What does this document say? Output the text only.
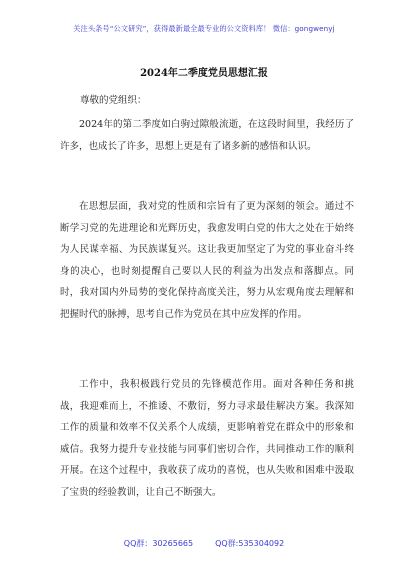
关注头条号“公文研究”，获得最新最全最专业的公文资料库！ 微信：gongwenyj
2024年二季度党员思想汇报
尊敬的党组织：

2024年的第二季度如白驹过隙般流逝，在这段时间里，我经历了许多，也成长了许多，思想上更是有了诸多新的感悟和认识。

在思想层面，我对党的性质和宗旨有了更为深刻的领会。通过不断学习党的先进理论和光辉历史，我愈发明白党的伟大之处在于始终为人民谋幸福、为民族谋复兴。这让我更加坚定了为党的事业奋斗终身的决心，也时刻提醒自己要以人民的利益为出发点和落脚点。同时，我对国内外局势的变化保持高度关注，努力从宏观角度去理解和把握时代的脉搏，思考自己作为党员在其中应发挥的作用。

工作中，我积极践行党员的先锋模范作用。面对各种任务和挑战，我迎难而上，不推诿、不敷衍，努力寻求最佳解决方案。我深知工作的质量和效率不仅关系个人成绩，更影响着党在群众中的形象和威信。我努力提升专业技能与同事们密切合作，共同推动工作的顺利开展。在这个过程中，我收获了成功的喜悦，也从失败和困难中汲取了宝贵的经验教训，让自己不断强大。

QQ群：30265665	QQ群:535304092
